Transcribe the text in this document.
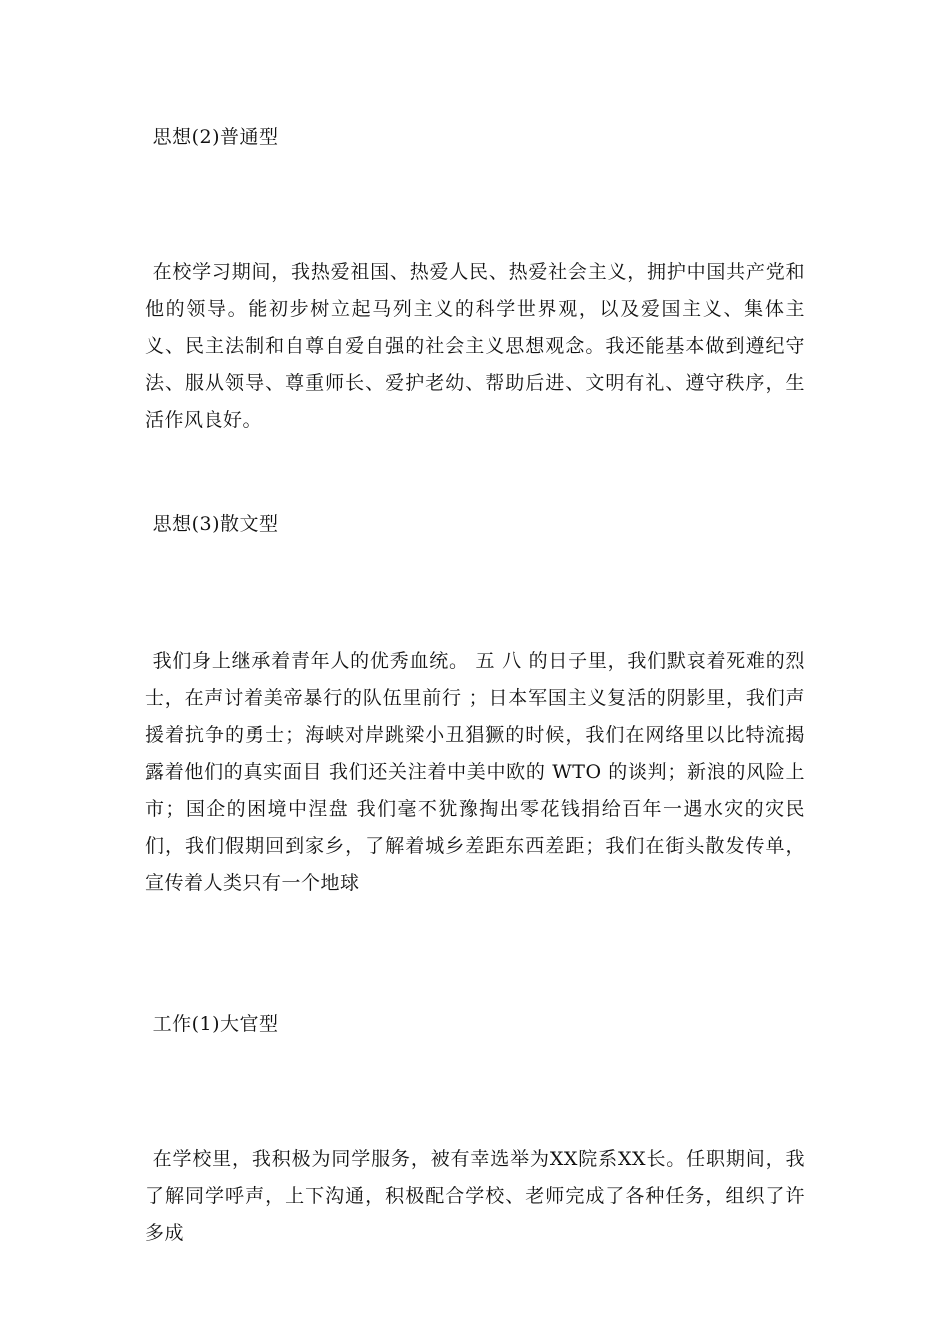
思想(2)普通型

在校学习期间，我热爱祖国、热爱人民、热爱社会主义，拥护中国共产党和他的领导。能初步树立起马列主义的科学世界观，以及爱国主义、集体主义、民主法制和自尊自爱自强的社会主义思想观念。我还能基本做到遵纪守法、服从领导、尊重师长、爱护老幼、帮助后进、文明有礼、遵守秩序，生活作风良好。

思想(3)散文型

我们身上继承着青年人的优秀血统。 五 八 的日子里，我们默哀着死难的烈士，在声讨着美帝暴行的队伍里前行 ；日本军国主义复活的阴影里，我们声援着抗争的勇士；海峡对岸跳梁小丑猖獗的时候，我们在网络里以比特流揭露着他们的真实面目 我们还关注着中美中欧的 WTO 的谈判；新浪的风险上市；国企的困境中涅盘 我们毫不犹豫掏出零花钱捐给百年一遇水灾的灾民们，我们假期回到家乡，了解着城乡差距东西差距；我们在街头散发传单，宣传着人类只有一个地球

工作(1)大官型

在学校里，我积极为同学服务，被有幸选举为XX院系XX长。任职期间，我了解同学呼声，上下沟通，积极配合学校、老师完成了各种任务，组织了许多成
